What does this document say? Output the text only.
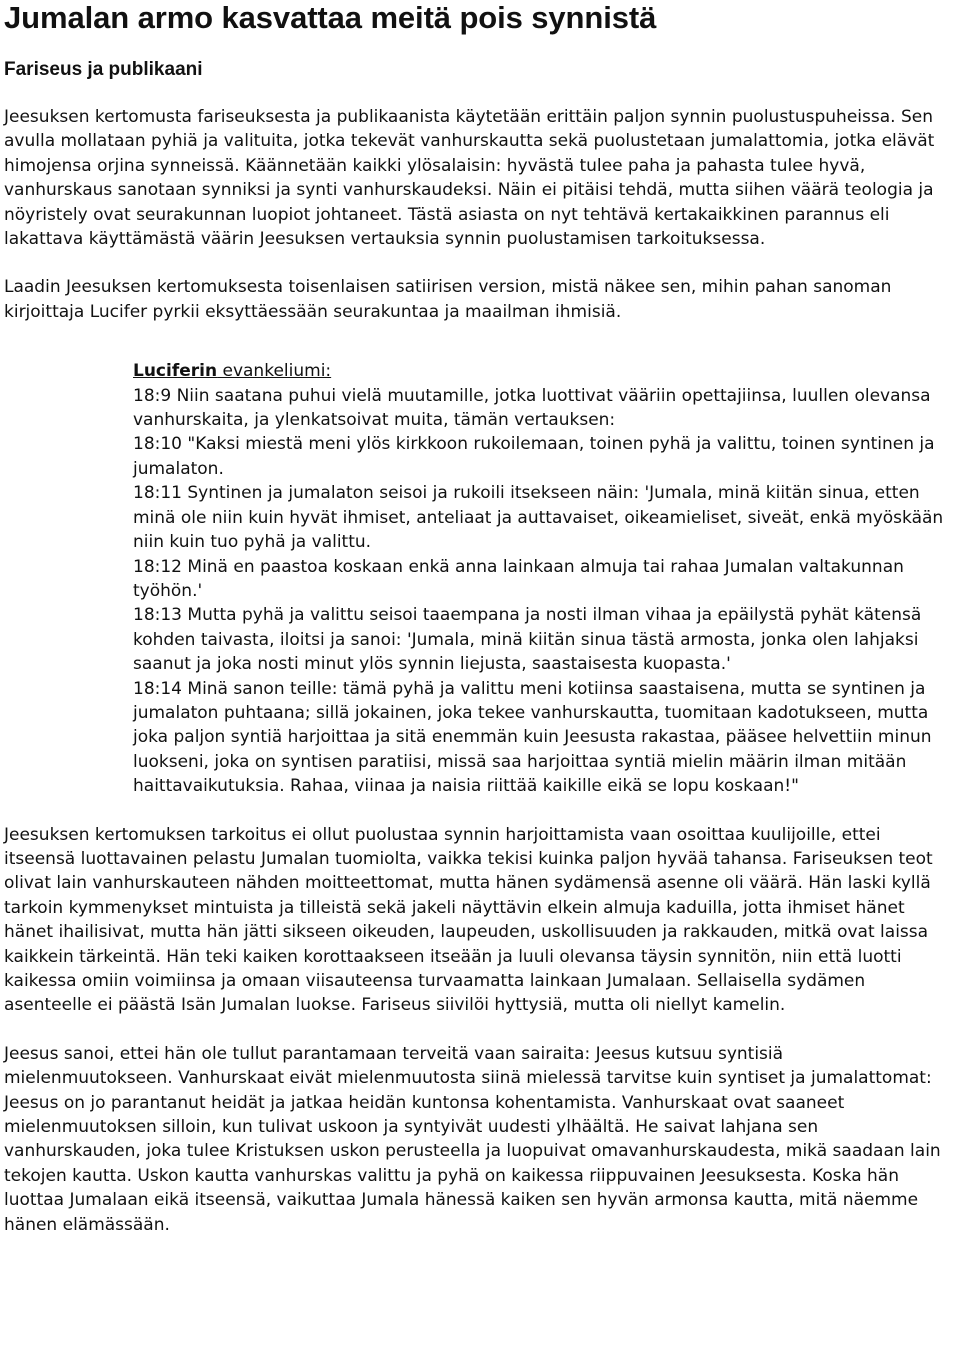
Jumalan armo kasvattaa meitä pois synnistä
Fariseus ja publikaani

Jeesuksen kertomusta fariseuksesta ja publikaanista käytetään erittäin paljon synnin puolustuspuheissa. Sen avulla mollataan pyhiä ja valituita, jotka tekevät vanhurskautta sekä puolustetaan jumalattomia, jotka elävät himojensa orjina synneissä. Käännetään kaikki ylösalaisin: hyvästä tulee paha ja pahasta tulee hyvä, vanhurskaus sanotaan synniksi ja synti vanhurskaudeksi. Näin ei pitäisi tehdä, mutta siihen väärä teologia ja nöyristely ovat seurakunnan luopiot johtaneet. Tästä asiasta on nyt tehtävä kertakaikkinen parannus eli lakattava käyttämästä väärin Jeesuksen vertauksia synnin puolustamisen tarkoituksessa.

Laadin Jeesuksen kertomuksesta toisenlaisen satiirisen version, mistä näkee sen, mihin pahan sanoman kirjoittaja Lucifer pyrkii eksyttäessään seurakuntaa ja maailman ihmisiä.

Luciferin evankeliumi:
18:9 Niin saatana puhui vielä muutamille, jotka luottivat vääriin opettajiinsa, luullen olevansa vanhurskaita, ja ylenkatsoivat muita, tämän vertauksen:
18:10 "Kaksi miestä meni ylös kirkkoon rukoilemaan, toinen pyhä ja valittu, toinen syntinen ja jumalaton.
18:11 Syntinen ja jumalaton seisoi ja rukoili itsekseen näin: 'Jumala, minä kiitän sinua, etten minä ole niin kuin hyvät ihmiset, anteliaat ja auttavaiset, oikeamieliset, siveät, enkä myöskään niin kuin tuo pyhä ja valittu.
18:12 Minä en paastoa koskaan enkä anna lainkaan almuja tai rahaa Jumalan valtakunnan työhön.'
18:13 Mutta pyhä ja valittu seisoi taaempana ja nosti ilman vihaa ja epäilystä pyhät kätensä kohden taivasta, iloitsi ja sanoi: 'Jumala, minä kiitän sinua tästä armosta, jonka olen lahjaksi saanut ja joka nosti minut ylös synnin liejusta, saastaisesta kuopasta.'
18:14 Minä sanon teille: tämä pyhä ja valittu meni kotiinsa saastaisena, mutta se syntinen ja jumalaton puhtaana; sillä jokainen, joka tekee vanhurskautta, tuomitaan kadotukseen, mutta joka paljon syntiä harjoittaa ja sitä enemmän kuin Jeesusta rakastaa, pääsee helvettiin minun luokseni, joka on syntisen paratiisi, missä saa harjoittaa syntiä mielin määrin ilman mitään haittavaikutuksia. Rahaa, viinaa ja naisia riittää kaikille eikä se lopu koskaan!"

Jeesuksen kertomuksen tarkoitus ei ollut puolustaa synnin harjoittamista vaan osoittaa kuulijoille, ettei itseensä luottavainen pelastu Jumalan tuomiolta, vaikka tekisi kuinka paljon hyvää tahansa. Fariseuksen teot olivat lain vanhurskauteen nähden moitteettomat, mutta hänen sydämensä asenne oli väärä. Hän laski kyllä tarkoin kymmenykset mintuista ja tilleistä sekä jakeli näyttävin elkein almuja kaduilla, jotta ihmiset hänet hänet ihailisivat, mutta hän jätti sikseen oikeuden, laupeuden, uskollisuuden ja rakkauden, mitkä ovat laissa kaikkein tärkeintä. Hän teki kaiken korottaakseen itseään ja luuli olevansa täysin synnitön, niin että luotti kaikessa omiin voimiinsa ja omaan viisauteensa turvaamatta lainkaan Jumalaan. Sellaisella sydämen asenteelle ei päästä Isän Jumalan luokse. Fariseus siivilöi hyttysiä, mutta oli niellyt kamelin.

Jeesus sanoi, ettei hän ole tullut parantamaan terveitä vaan sairaita: Jeesus kutsuu syntisiä mielenmuutokseen. Vanhurskaat eivät mielenmuutosta siinä mielessä tarvitse kuin syntiset ja jumalattomat: Jeesus on jo parantanut heidät ja jatkaa heidän kuntonsa kohentamista. Vanhurskaat ovat saaneet mielenmuutoksen silloin, kun tulivat uskoon ja syntyivät uudesti ylhäältä. He saivat lahjana sen vanhurskauden, joka tulee Kristuksen uskon perusteella ja luopuivat omavanhurskaudesta, mikä saadaan lain tekojen kautta. Uskon kautta vanhurskas valittu ja pyhä on kaikessa riippuvainen Jeesuksesta. Koska hän luottaa Jumalaan eikä itseensä, vaikuttaa Jumala hänessä kaiken sen hyvän armonsa kautta, mitä näemme hänen elämässään.
